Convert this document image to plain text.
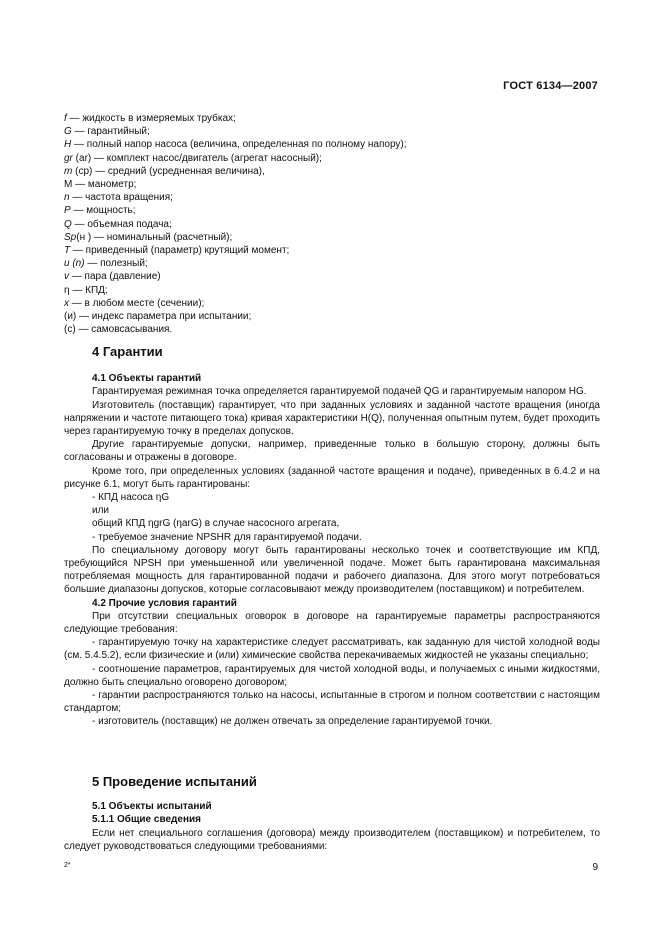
ГОСТ 6134—2007
f — жидкость в измеряемых трубках;
G — гарантийный;
H — полный напор насоса (величина, определенная по полному напору);
gr (ar) — комплект насос/двигатель (агрегат насосный);
m (ср) — средний (усредненная величина),
M — манометр;
n — частота вращения;
P — мощность;
Q — объемная подача;
Sp(н ) — номинальный (расчетный);
T — приведенный (параметр) крутящий момент;
u (n) — полезный;
v — пара (давление)
η — КПД;
x — в любом месте (сечении);
(и) — индекс параметра при испытании;
(с) — самовсасывания.

4 Гарантии

4.1 Объекты гарантий

Гарантируемая режимная точка определяется гарантируемой подачей QG и гарантируемым напором HG.

Изготовитель (поставщик) гарантирует, что при заданных условиях и заданной частоте вращения (иногда напряжении и частоте питающего тока) кривая характеристики H(Q), полученная опытным путем, будет проходить через гарантируемую точку в пределах допусков.

Другие гарантируемые допуски, например, приведенные только в большую сторону, должны быть согласованы и отражены в договоре.

Кроме того, при определенных условиях (заданной частоте вращения и подаче), приведенных в 6.4.2 и на рисунке 6.1, могут быть гарантированы:

- КПД насоса ηG

или

общий КПД ηgrG (ηarG) в случае насосного агрегата,

- требуемое значение NPSHR для гарантируемой подачи.

По специальному договору могут быть гарантированы несколько точек и соответствующие им КПД, требующийся NPSH при уменьшенной или увеличенной подаче. Может быть гарантирована максимальная потребляемая мощность для гарантированной подачи и рабочего диапазона. Для этого могут потребоваться большие диапазоны допусков, которые согласовывают между производителем (поставщиком) и потребителем.

4.2 Прочие условия гарантий

При отсутствии специальных оговорок в договоре на гарантируемые параметры распространяются следующие требования:

- гарантируемую точку на характеристике следует рассматривать, как заданную для чистой холодной воды (см. 5.4.5.2), если физические и (или) химические свойства перекачиваемых жидкостей не указаны специально;

- соотношение параметров, гарантируемых для чистой холодной воды, и получаемых с иными жидкостями, должно быть специально оговорено договором;

- гарантии распространяются только на насосы, испытанные в строгом и полном соответствии с настоящим стандартом;

- изготовитель (поставщик) не должен отвечать за определение гарантируемой точки.

5 Проведение испытаний

5.1 Объекты испытаний

5.1.1 Общие сведения

Если нет специального соглашения (договора) между производителем (поставщиком) и потребителем, то следует руководствоваться следующими требованиями:

2*	9
